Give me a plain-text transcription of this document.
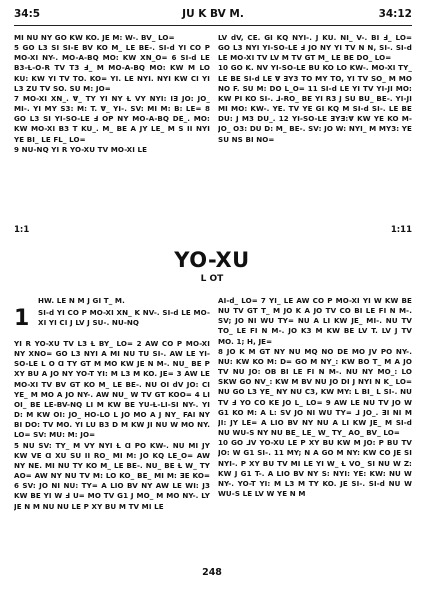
34:5	JU K BV M.	34:12

MI NU NY GO KW KO. JE M: W-. BV_ LO=

5 GO L3 SI SI-E BV KO M_ LE BE-. SI-d YI CO P MO-XI NY-. MO-A-BQ MO: KW XN_O= 6 SI-d LE B3-Ɫ-O-R TV T3 Ⅎ_ M MO-A-BQ MO: KW M LO KU: KW YI TV TO. KO= YI. LE NYI. NYI KW CI YI L3 ZU TV SO. SU M: JO=

7 MO-XI XN_. Ɐ_ TY YI NY Ɫ VY NYI: IƎ JO: JO_ MI-. YI MY S3: M: T. Ɐ_ YI-. SV: MI M: B: LE= 8 GO L3 SI YI-SO-LE Ⅎ OP NY MO-A-BQ DE_. MO: KW MO-XI B3 T KU_. M_ BE A JY LE_ M S II NYI YE BI_ LE FL_ LO=

9 NU-NQ YI R YO-XU TV MO-XI LE

LV dV, CE. GI KQ NYI-. J KU. NI_ V-. BI Ⅎ_ LO= GO L3 NYI YI-SO-LE Ⅎ JO NY YI TV N N, SI-. SI-d LE MO-XI TV LV M TV GT M_ LE BE DO_ LO=

10 GO K. NV YI-SO-LE BU KO LO KW-. MO-XI TY_ LE BE SI-d LE Ɐ ƎY3 TO MY TO, YI TV SO_ M MO NO F. SU M: DO L_O= 11 SI-d LE YI TV YI-JI MO: KW PI KO SI-. ⅃-RO_ BE YI R3 J SU BU_ BE-. YI-JI MI MO: KW-. YE. TV YE GI KQ M SI-d SI-. LE BE DU: J M3 DU_. 12 YI-SO-LE ƎYƎ:Ɐ KW YE KO M- JO_ O3: DU D: M_ BE-. SV: JO W: NYI_ M MY3: YE SU NS BI NO=

1:1	1:11
YO-XU
L OT
1

HW. LE N M J GI T_ M.

SI-d YI CO P MO-XI XN_ K NV-. SI-d LE MO-XI YI CI J LV J SU-. NU-NQ

YI R YO-XU TV L3 Ɫ BY_ LO= 2 AW CO P MO-XI NY XNO= GO L3 NYI A MI NU TU SI-. AW LE YI-SO-LE L O Ɑ TY GT M MO KW JE N M-. NU_ BE P XY BU A JO NY YO-T YI: M L3 M KO. JE= 3 AW LE MO-XI TV BV GT KO M_ LE BE-. NU OI dV JO: CI YE_ M MO A JO NY-. AW NU_ W TV GT KOO= 4 LI OI_ BE LE-BV-NQ LI M KW BE YU-Ɫ-LI-SI NY-. YI D: M KW OI: JO_ HO-LO L JO MO A J NY_ FAI NY BI DO: TV MO. YI LU B3 D M KW JI NU W MO NY. LO= SV: MU: M: JO=

5 NU SV: TY_ M VY NYI Ɫ Ɑ PO KW-. NU MI JY KW VE Ɑ XU SU II RO_ MI M: JO KQ LE_O= AW NY NE. MI NU TY KO M_ LE BE-. NU_ BE Ɫ W_ TY AO= AW NY NU TV M: LO KO_ BE_ MI M: ƎE KO= 6 SV: JO NI NU: TY= A LIO BV NY AW LE WI: J3 KW BE YI W Ⅎ U= MO TV G1 J MO_ M MO NY-. LY JE N M NU NU LE P XY BU M TV MI LE

AI-d_ LO= 7 YI_ LE AW CO P MO-XI YI W KW BE NU TV GT T_ M JO K A JO TV CO BI LE FI N M-. SV; JO NI WU TY= NU A LI KW JE_ MI-. NU TV TO_ LE FI N M-. JO K3 M KW BE LV T. LV J TV MO. 1; H, JE=

8 JO K M GT NY NU MQ NO DE MO JV PO NY-. NU: KW KO M: D= GO M NY_: KW BO T_ M A JO TV NU JO: OB BI LE FI N M-. NU NY MO_: LO SKW GO NV_: KW M BV NU JO DI J NYI N K_ LO= NU GO L3 YE_ NY NU C3, KW MY: L BI_ L SI-. NU TV Ⅎ YO CO KE JO L_ LO= 9 AW LE NU TV JO W G1 KO M: A L: SV JO NI WU TY= ⅃ JO_. ƎI NI M JI: JY LE= A LIO BV NY NU A LI KW JE_ M SI-d NU WU-S NY NU BE_ LE_ W_ TY_ AO_ BV_ LO=

10 GO ⅃V YO-XU LE P XY BU KW M JO: P BU TV JO: W G1 SI-. 11 MY; N A GO M NY: KW CO JE SI NYI-. P XY BU TV MI LE YI W_ Ɫ VO_ SI NU W Z: KW J G1 T-. A LIO BV NY S: NYI: YE: KW: NU W NY-. YO-T YI: M L3 M TY KO. JE SI-. SI-d NU W WU-S LE LV W YE N M

248
